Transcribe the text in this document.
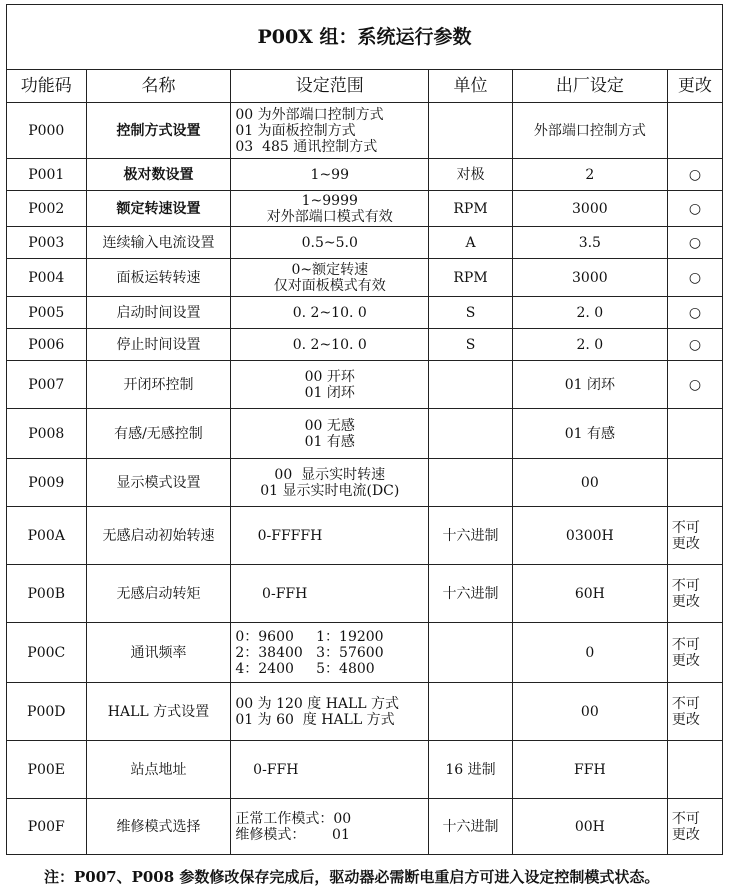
P00X 组：系统运行参数					
功能码	名称	设定范围	单位	出厂设定	更改
P000	控制方式设置	00 为外部端口控制方式
01 为面板控制方式
03  485 通讯控制方式		外部端口控制方式	

P001	极对数设置	1~99	对极	2	○

P002	额定转速设置	1~9999
对外部端口模式有效	RPM	3000	○

P003	连续输入电流设置	0.5~5.0	A	3.5	○

P004	面板运转转速	0~额定转速
仅对面板模式有效	RPM	3000	○

P005	启动时间设置	0. 2~10. 0	S	2. 0	○

P006	停止时间设置	0. 2~10. 0	S	2. 0	○

P007	开闭环控制	00 开环
01 闭环		01 闭环	○

P008	有感/无感控制	00 无感
01 有感		01 有感	

P009	显示模式设置	00  显示实时转速
01 显示实时电流(DC)		00	

P00A	无感启动初始转速	0-FFFFH	十六进制	0300H	不可
更改

P00B	无感启动转矩	0-FFH	十六进制	60H	不可
更改

P00C	通讯频率	0：9600     1：19200
2：38400   3：57600
4：2400     5：4800		0	不可
更改

P00D	HALL 方式设置	00 为 120 度 HALL 方式
01 为 60  度 HALL 方式		00	不可
更改

P00E	站点地址	0-FFH	16 进制	FFH	

P00F	维修模式选择	正常工作模式：00
维修模式：      01	十六进制	00H	不可
更改
注：P007、P008 参数修改保存完成后，驱动器必需断电重启方可进入设定控制模式状态。
